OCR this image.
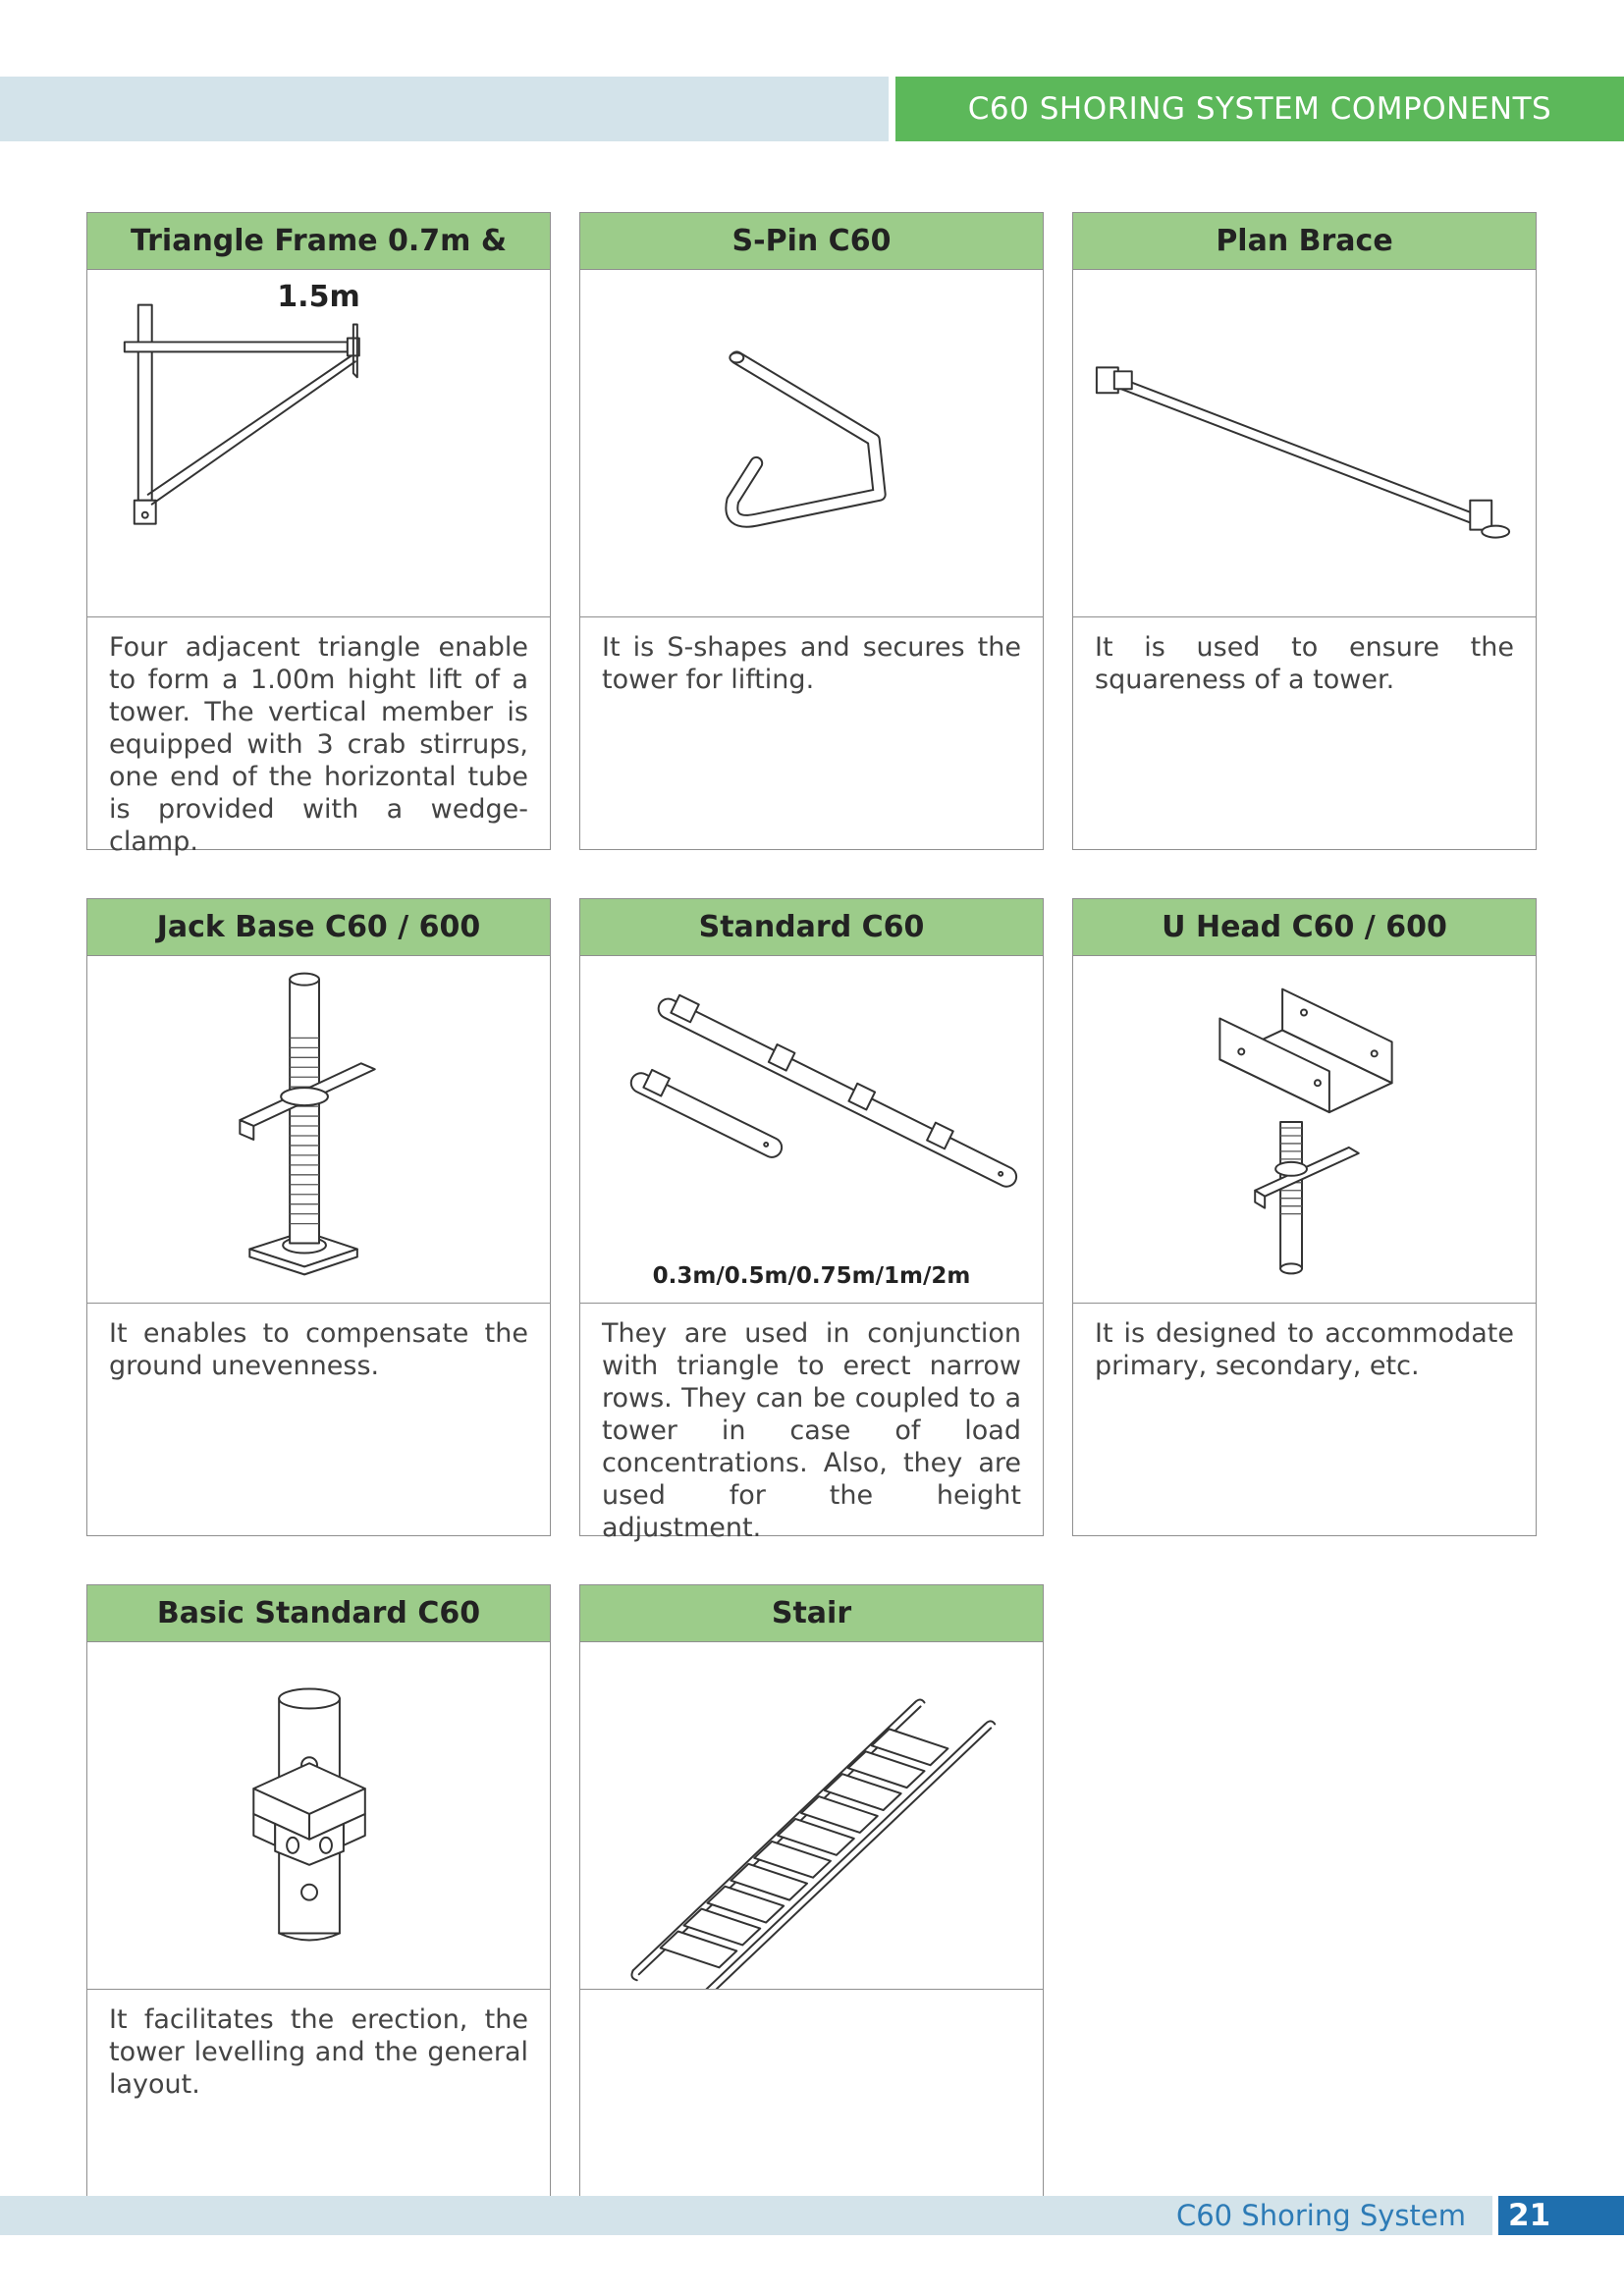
C60 SHORING SYSTEM COMPONENTS
Triangle Frame 0.7m & 1.5m
Four adjacent triangle enable to form a 1.00m hight lift of a tower. The vertical member is equipped with 3 crab stirrups, one end of the horizontal tube is provided with a wedge-clamp.
S-Pin C60
It is S-shapes and secures the tower for lifting.
Plan Brace
It is used to ensure the squareness of a tower.
Jack Base C60 / 600
It enables to compensate the ground unevenness.
Standard C60
0.3m/0.5m/0.75m/1m/2m
They are used in conjunction with triangle to erect narrow rows. They can be coupled to a tower in case of load concentrations. Also, they are used for the height adjustment.
U Head C60 / 600
It is designed to accommodate primary, secondary, etc.
Basic Standard C60
It facilitates the erection, the tower levelling and the general layout.
Stair
C60 Shoring System	21
